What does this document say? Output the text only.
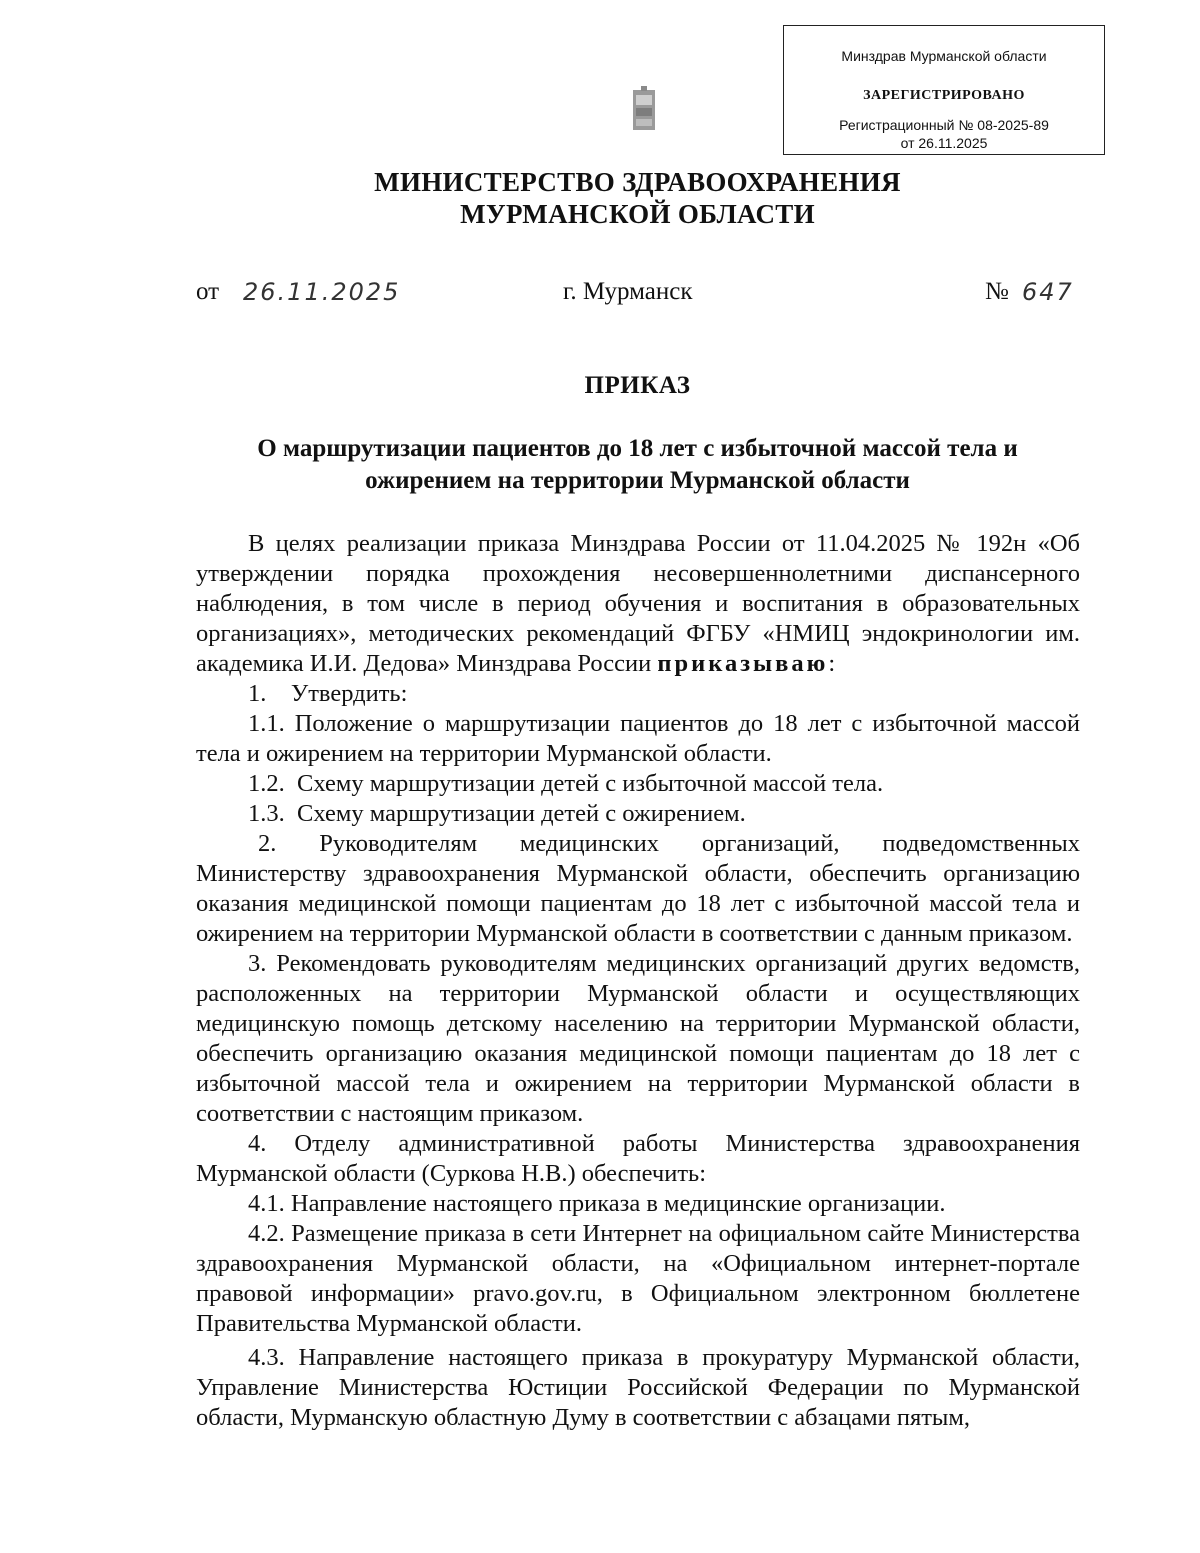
Минздрав Мурманской области
ЗАРЕГИСТРИРОВАНО
Регистрационный № 08-2025-89
от 26.11.2025
МИНИСТЕРСТВО ЗДРАВООХРАНЕНИЯ
МУРМАНСКОЙ ОБЛАСТИ
от 26.11.2025	г. Мурманск	№ 647
ПРИКАЗ
О маршрутизации пациентов до 18 лет с избыточной массой тела и
ожирением на территории Мурманской области

В целях реализации приказа Минздрава России от 11.04.2025 № 192н «Об утверждении порядка прохождения несовершеннолетними диспансерного наблюдения, в том числе в период обучения и воспитания в образовательных организациях», методических рекомендаций ФГБУ «НМИЦ эндокринологии им. академика И.И. Дедова» Минздрава России приказываю:

1.    Утвердить:

1.1. Положение о маршрутизации пациентов до 18 лет с избыточной массой тела и ожирением на территории Мурманской области.

1.2.  Схему маршрутизации детей с избыточной массой тела.

1.3.  Схему маршрутизации детей с ожирением.

2. Руководителям медицинских организаций, подведомственных Министерству здравоохранения Мурманской области, обеспечить организацию оказания медицинской помощи пациентам до 18 лет с избыточной массой тела и ожирением на территории Мурманской области в соответствии с данным приказом.

3. Рекомендовать руководителям медицинских организаций других ведомств, расположенных на территории Мурманской области и осуществляющих медицинскую помощь детскому населению на территории Мурманской области, обеспечить организацию оказания медицинской помощи пациентам до 18 лет с избыточной массой тела и ожирением на территории Мурманской области в соответствии с настоящим приказом.

4. Отделу административной работы Министерства здравоохранения Мурманской области (Суркова Н.В.) обеспечить:

4.1. Направление настоящего приказа в медицинские организации.

4.2. Размещение приказа в сети Интернет на официальном сайте Министерства здравоохранения Мурманской области, на «Официальном интернет-портале правовой информации» pravo.gov.ru, в Официальном электронном бюллетене Правительства Мурманской области.

4.3. Направление настоящего приказа в прокуратуру Мурманской области, Управление Министерства Юстиции Российской Федерации по Мурманской области, Мурманскую областную Думу в соответствии с абзацами пятым,
